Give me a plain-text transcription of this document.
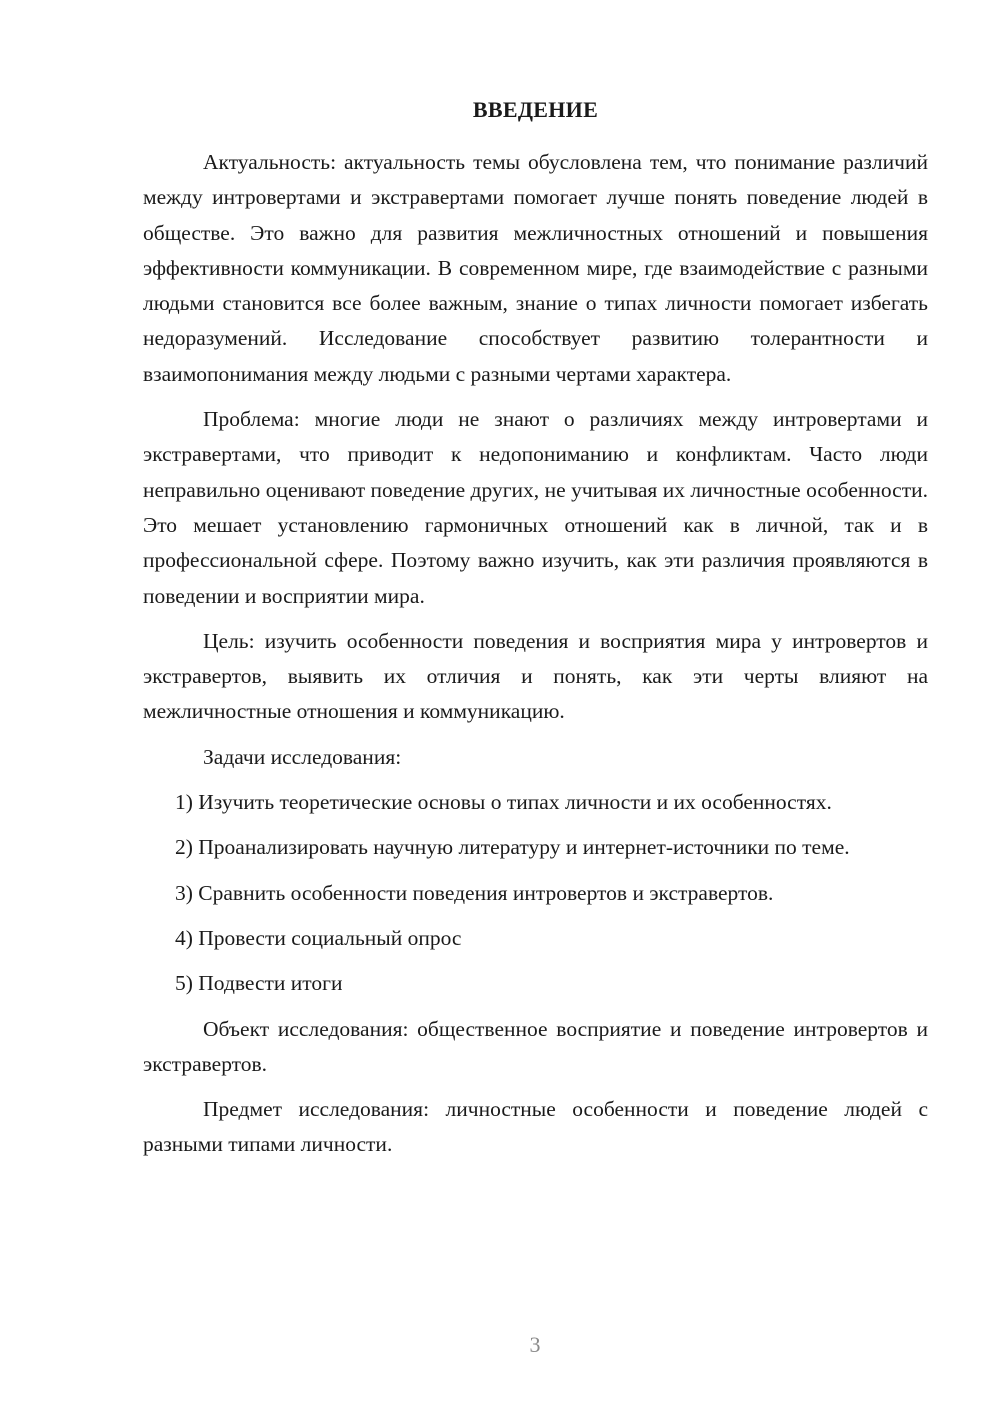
ВВЕДЕНИЕ

Актуальность: актуальность темы обусловлена тем, что понимание различий между интровертами и экстравертами помогает лучше понять поведение людей в обществе. Это важно для развития межличностных отношений и повышения эффективности коммуникации. В современном мире, где взаимодействие с разными людьми становится все более важным, знание о типах личности помогает избегать недоразумений. Исследование способствует развитию толерантности и взаимопонимания между людьми с разными чертами характера.

Проблема: многие люди не знают о различиях между интровертами и экстравертами, что приводит к недопониманию и конфликтам. Часто люди неправильно оценивают поведение других, не учитывая их личностные особенности. Это мешает установлению гармоничных отношений как в личной, так и в профессиональной сфере. Поэтому важно изучить, как эти различия проявляются в поведении и восприятии мира.

Цель: изучить особенности поведения и восприятия мира у интровертов и экстравертов, выявить их отличия и понять, как эти черты влияют на межличностные отношения и коммуникацию.

Задачи исследования:

1) Изучить теоретические основы о типах личности и их особенностях.

2) Проанализировать научную литературу и интернет-источники по теме.

3) Сравнить особенности поведения интровертов и экстравертов.

4) Провести социальный опрос

5) Подвести итоги

Объект исследования: общественное восприятие и поведение интровертов и экстравертов.

Предмет исследования: личностные особенности и поведение людей с разными типами личности.

3
